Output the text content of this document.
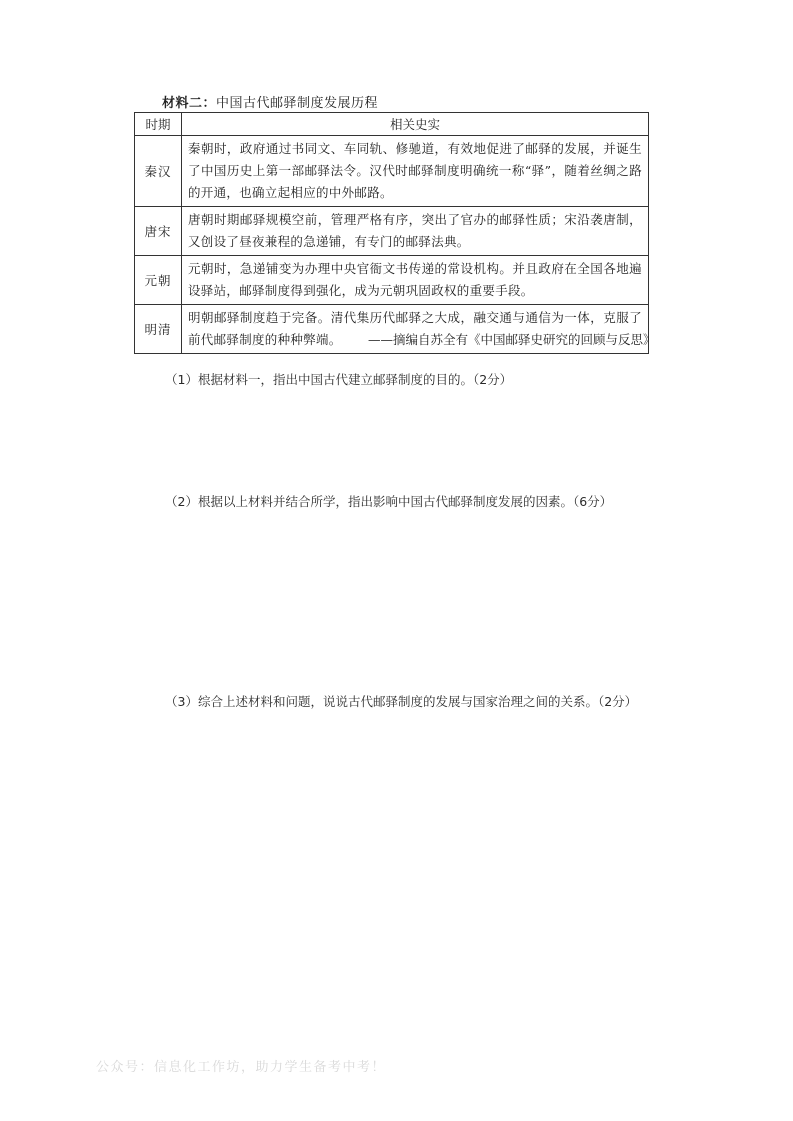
材料二：中国古代邮驿制度发展历程
时期	相关史实
秦汉	秦朝时，政府通过书同文、车同轨、修驰道，有效地促进了邮驿的发展，并诞生了中国历史上第一部邮驿法令。汉代时邮驿制度明确统一称“驿”，随着丝绸之路的开通，也确立起相应的中外邮路。
唐宋	唐朝时期邮驿规模空前，管理严格有序，突出了官办的邮驿性质；宋沿袭唐制，又创设了昼夜兼程的急递铺，有专门的邮驿法典。
元朝	元朝时，急递铺变为办理中央官衙文书传递的常设机构。并且政府在全国各地遍设驿站，邮驿制度得到强化，成为元朝巩固政权的重要手段。
明清	明朝邮驿制度趋于完备。清代集历代邮驿之大成，融交通与通信为一体，克服了前代邮驿制度的种种弊端。 ——摘编自苏全有《中国邮驿史研究的回顾与反思》
（1）根据材料一，指出中国古代建立邮驿制度的目的。（2分）
（2）根据以上材料并结合所学，指出影响中国古代邮驿制度发展的因素。（6分）
（3）综合上述材料和问题，说说古代邮驿制度的发展与国家治理之间的关系。（2分）
公众号：信息化工作坊，助力学生备考中考！
